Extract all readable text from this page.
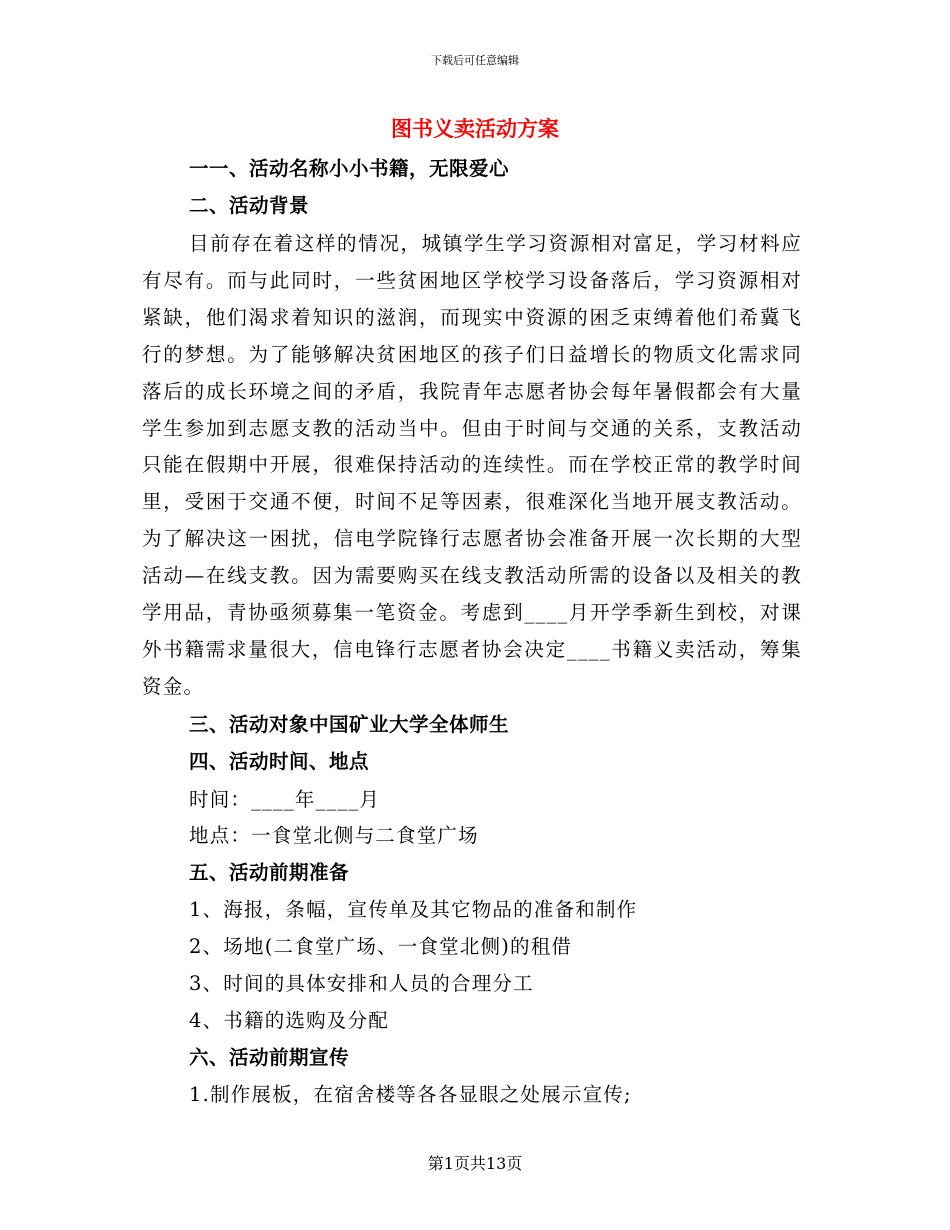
下载后可任意编辑
图书义卖活动方案
一一、活动名称小小书籍，无限爱心
二、活动背景

目前存在着这样的情况，城镇学生学习资源相对富足，学习材料应有尽有。而与此同时，一些贫困地区学校学习设备落后，学习资源相对紧缺，他们渴求着知识的滋润，而现实中资源的困乏束缚着他们希冀飞行的梦想。为了能够解决贫困地区的孩子们日益增长的物质文化需求同落后的成长环境之间的矛盾，我院青年志愿者协会每年暑假都会有大量学生参加到志愿支教的活动当中。但由于时间与交通的关系，支教活动只能在假期中开展，很难保持活动的连续性。而在学校正常的教学时间里，受困于交通不便，时间不足等因素，很难深化当地开展支教活动。为了解决这一困扰，信电学院锋行志愿者协会准备开展一次长期的大型活动—在线支教。因为需要购买在线支教活动所需的设备以及相关的教学用品，青协亟须募集一笔资金。考虑到____月开学季新生到校，对课外书籍需求量很大，信电锋行志愿者协会决定____书籍义卖活动，筹集资金。

三、活动对象中国矿业大学全体师生
四、活动时间、地点
时间：____年____月
地点：一食堂北侧与二食堂广场
五、活动前期准备
1、海报，条幅，宣传单及其它物品的准备和制作
2、场地(二食堂广场、一食堂北侧)的租借
3、时间的具体安排和人员的合理分工
4、书籍的选购及分配
六、活动前期宣传
1.制作展板，在宿舍楼等各各显眼之处展示宣传;
第1页共13页
